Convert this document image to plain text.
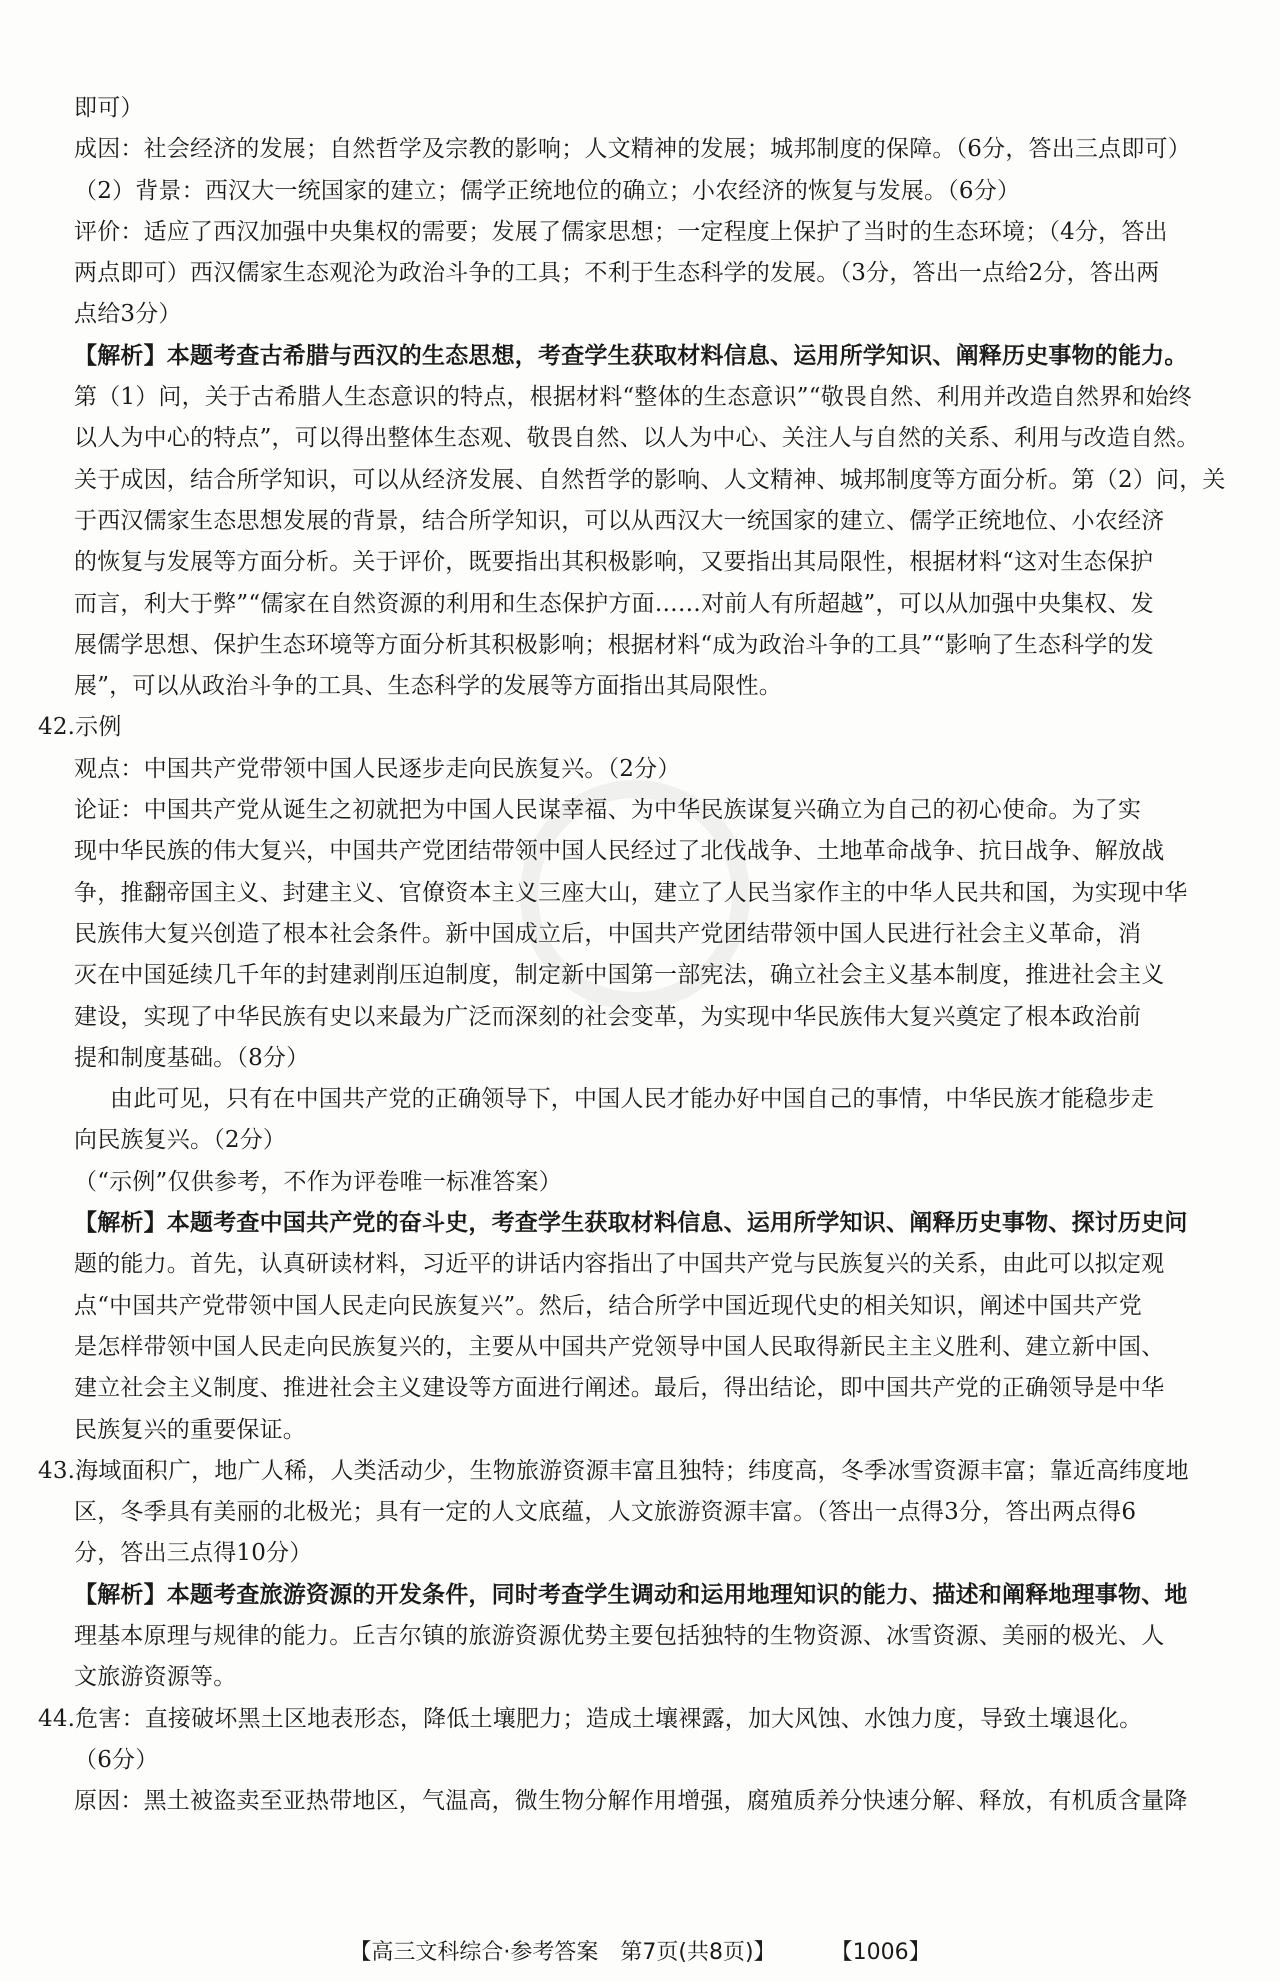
即可）
成因：社会经济的发展；自然哲学及宗教的影响；人文精神的发展；城邦制度的保障。（6分，答出三点即可）
（2）背景：西汉大一统国家的建立；儒学正统地位的确立；小农经济的恢复与发展。（6分）
评价：适应了西汉加强中央集权的需要；发展了儒家思想；一定程度上保护了当时的生态环境；（4分，答出
两点即可）西汉儒家生态观沦为政治斗争的工具；不利于生态科学的发展。（3分，答出一点给2分，答出两
点给3分）
【解析】本题考查古希腊与西汉的生态思想，考查学生获取材料信息、运用所学知识、阐释历史事物的能力。
第（1）问，关于古希腊人生态意识的特点，根据材料“整体的生态意识”“敬畏自然、利用并改造自然界和始终
以人为中心的特点”，可以得出整体生态观、敬畏自然、以人为中心、关注人与自然的关系、利用与改造自然。
关于成因，结合所学知识，可以从经济发展、自然哲学的影响、人文精神、城邦制度等方面分析。第（2）问，关
于西汉儒家生态思想发展的背景，结合所学知识，可以从西汉大一统国家的建立、儒学正统地位、小农经济
的恢复与发展等方面分析。关于评价，既要指出其积极影响，又要指出其局限性，根据材料“这对生态保护
而言，利大于弊”“儒家在自然资源的利用和生态保护方面……对前人有所超越”，可以从加强中央集权、发
展儒学思想、保护生态环境等方面分析其积极影响；根据材料“成为政治斗争的工具”“影响了生态科学的发
展”，可以从政治斗争的工具、生态科学的发展等方面指出其局限性。
42.示例
观点：中国共产党带领中国人民逐步走向民族复兴。（2分）
论证：中国共产党从诞生之初就把为中国人民谋幸福、为中华民族谋复兴确立为自己的初心使命。为了实
现中华民族的伟大复兴，中国共产党团结带领中国人民经过了北伐战争、土地革命战争、抗日战争、解放战
争，推翻帝国主义、封建主义、官僚资本主义三座大山，建立了人民当家作主的中华人民共和国，为实现中华
民族伟大复兴创造了根本社会条件。新中国成立后，中国共产党团结带领中国人民进行社会主义革命，消
灭在中国延续几千年的封建剥削压迫制度，制定新中国第一部宪法，确立社会主义基本制度，推进社会主义
建设，实现了中华民族有史以来最为广泛而深刻的社会变革，为实现中华民族伟大复兴奠定了根本政治前
提和制度基础。（8分）
由此可见，只有在中国共产党的正确领导下，中国人民才能办好中国自己的事情，中华民族才能稳步走
向民族复兴。（2分）
（“示例”仅供参考，不作为评卷唯一标准答案）
【解析】本题考查中国共产党的奋斗史，考查学生获取材料信息、运用所学知识、阐释历史事物、探讨历史问
题的能力。首先，认真研读材料，习近平的讲话内容指出了中国共产党与民族复兴的关系，由此可以拟定观
点“中国共产党带领中国人民走向民族复兴”。然后，结合所学中国近现代史的相关知识，阐述中国共产党
是怎样带领中国人民走向民族复兴的，主要从中国共产党领导中国人民取得新民主主义胜利、建立新中国、
建立社会主义制度、推进社会主义建设等方面进行阐述。最后，得出结论，即中国共产党的正确领导是中华
民族复兴的重要保证。
43.海域面积广，地广人稀，人类活动少，生物旅游资源丰富且独特；纬度高，冬季冰雪资源丰富；靠近高纬度地
区，冬季具有美丽的北极光；具有一定的人文底蕴，人文旅游资源丰富。（答出一点得3分，答出两点得6
分，答出三点得10分）
【解析】本题考查旅游资源的开发条件，同时考查学生调动和运用地理知识的能力、描述和阐释地理事物、地
理基本原理与规律的能力。丘吉尔镇的旅游资源优势主要包括独特的生物资源、冰雪资源、美丽的极光、人
文旅游资源等。
44.危害：直接破坏黑土区地表形态，降低土壤肥力；造成土壤裸露，加大风蚀、水蚀力度，导致土壤退化。
（6分）
原因：黑土被盗卖至亚热带地区，气温高，微生物分解作用增强，腐殖质养分快速分解、释放，有机质含量降
【高三文科综合·参考答案　第7页(共8页)】	【1006】
